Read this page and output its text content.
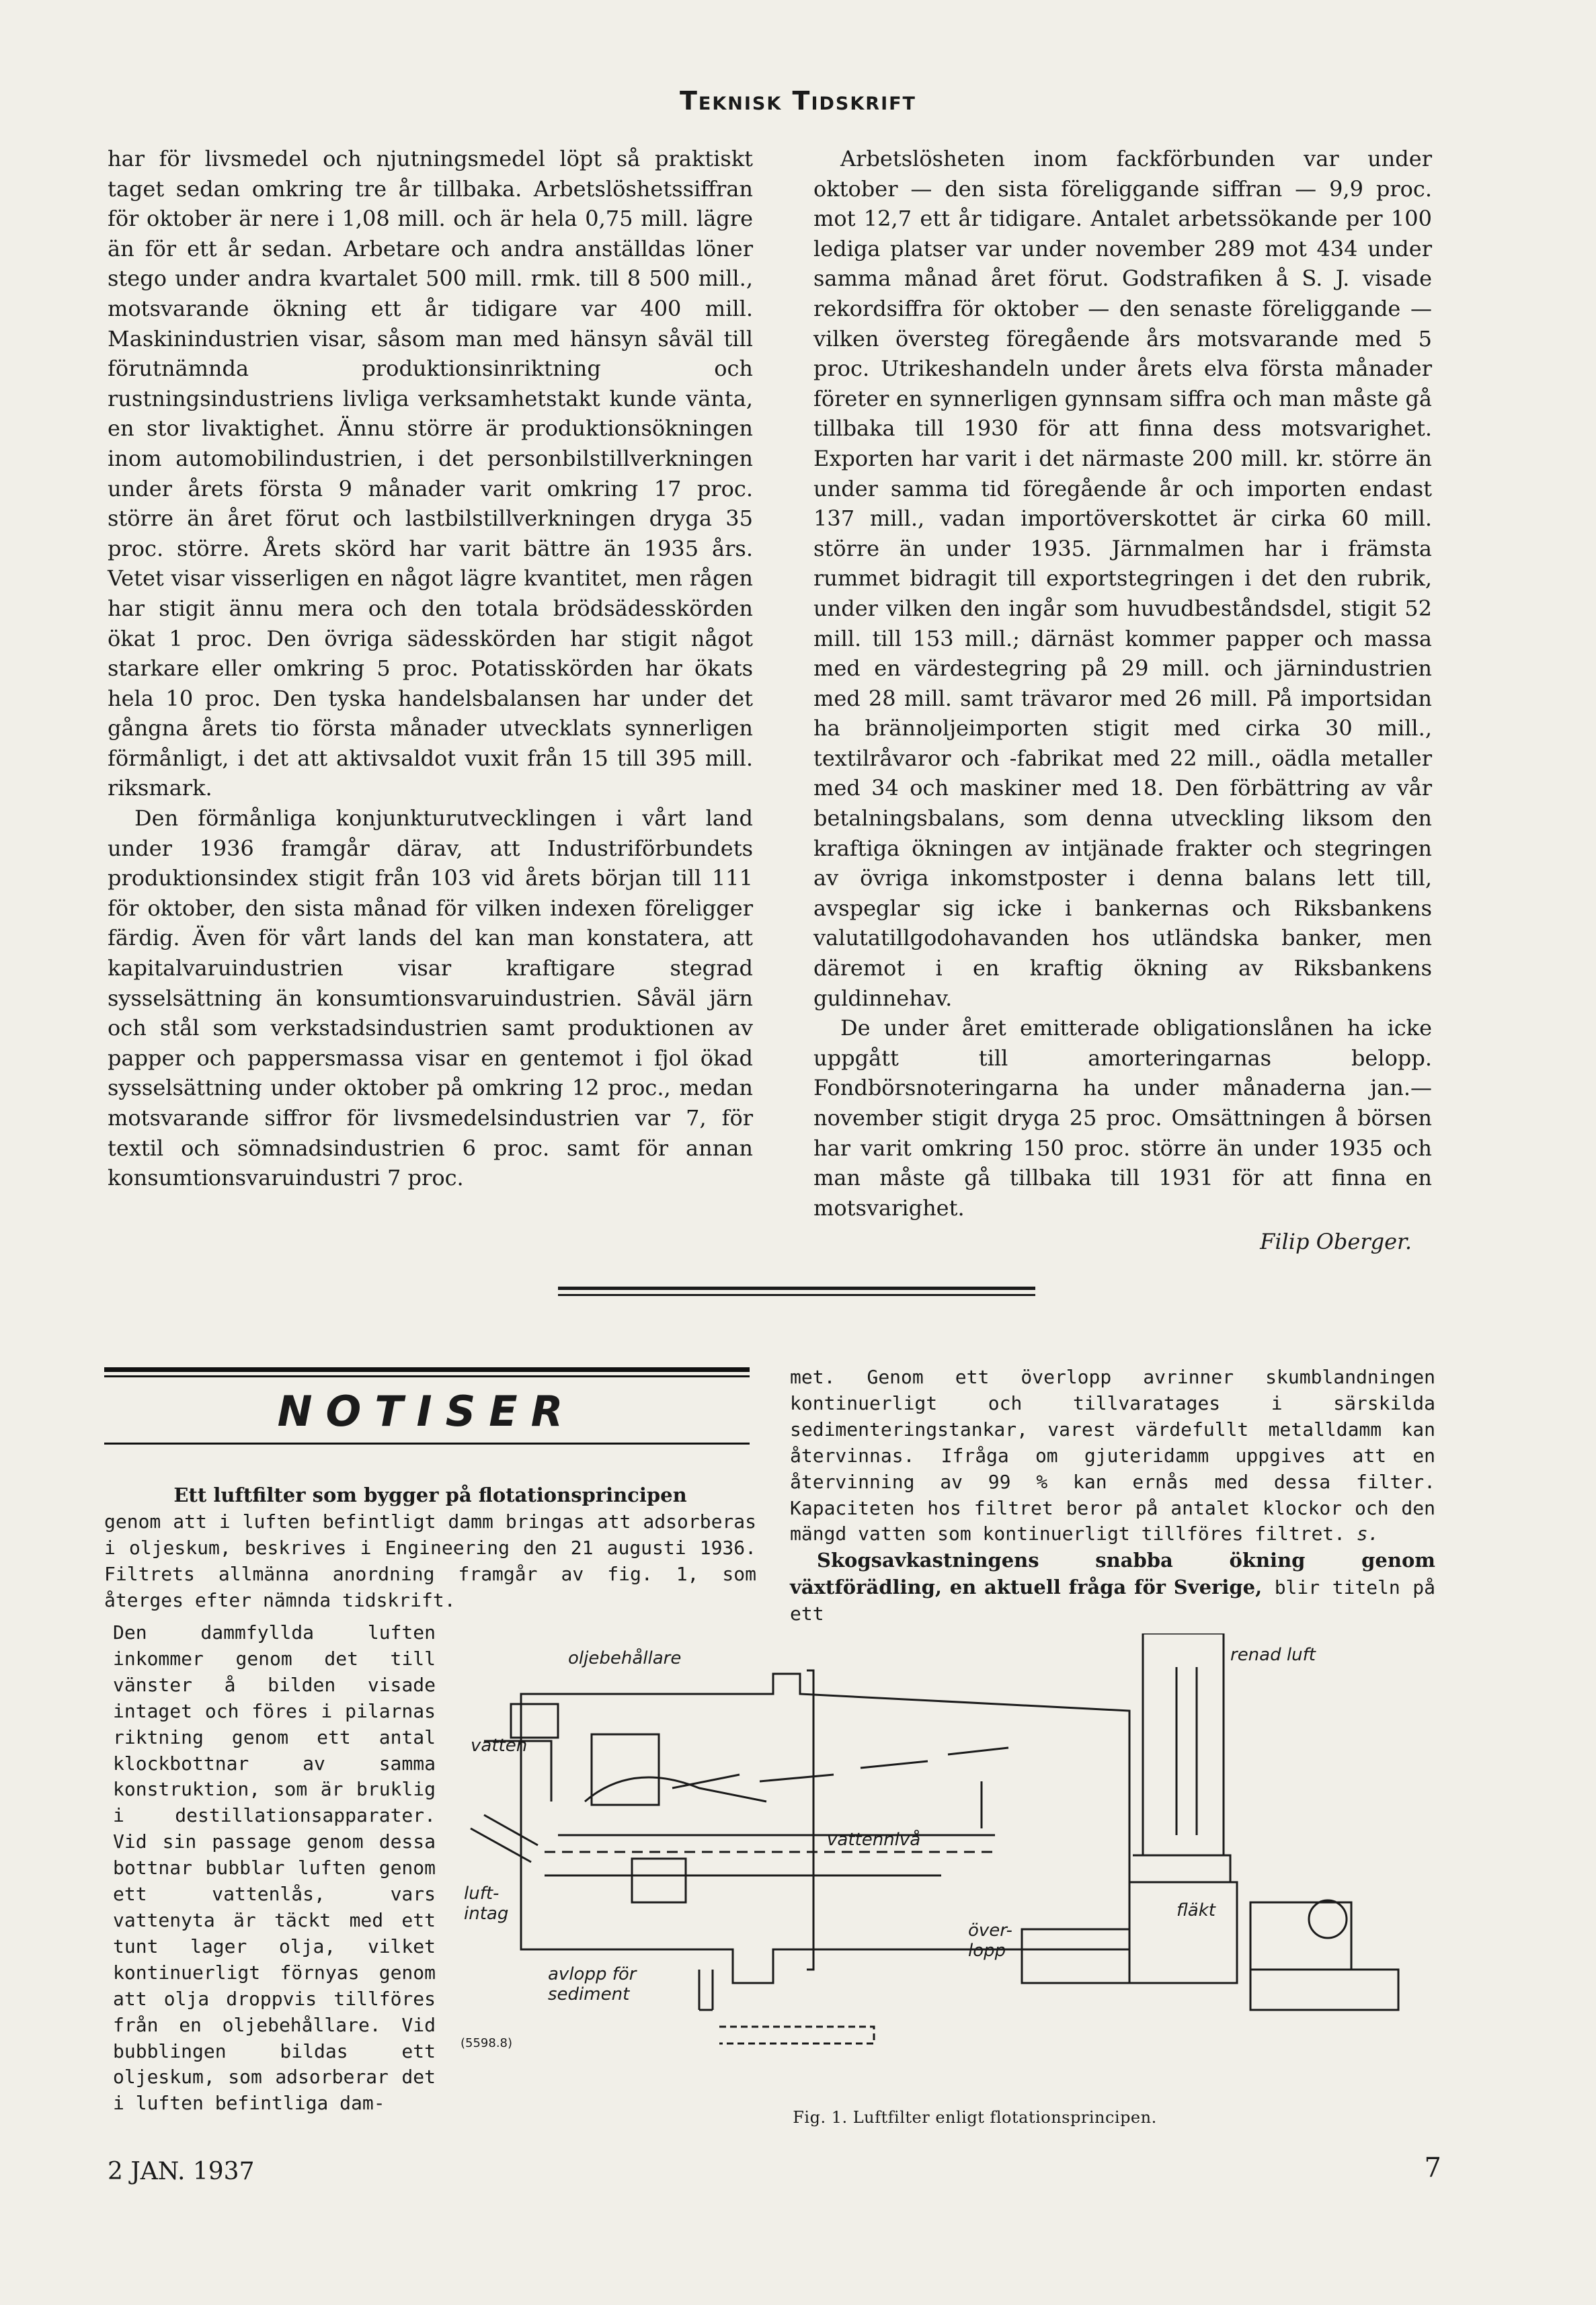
Teknisk Tidskrift

har för livsmedel och njutningsmedel löpt så praktiskt taget sedan omkring tre år tillbaka. Arbetslöshetssiffran för oktober är nere i 1,08 mill. och är hela 0,75 mill. lägre än för ett år sedan. Arbetare och andra anställdas löner stego under andra kvartalet 500 mill. rmk. till 8 500 mill., motsvarande ökning ett år tidigare var 400 mill. Maskinindustrien visar, såsom man med hänsyn såväl till förutnämnda produktionsinriktning och rustningsindustriens livliga verksamhetstakt kunde vänta, en stor livaktighet. Ännu större är produktionsökningen inom automobilindustrien, i det personbilstillverkningen under årets första 9 månader varit omkring 17 proc. större än året förut och lastbilstillverkningen dryga 35 proc. större. Årets skörd har varit bättre än 1935 års. Vetet visar visserligen en något lägre kvantitet, men rågen har stigit ännu mera och den totala brödsädesskörden ökat 1 proc. Den övriga sädesskörden har stigit något starkare eller omkring 5 proc. Potatisskörden har ökats hela 10 proc. Den tyska handelsbalansen har under det gångna årets tio första månader utvecklats synnerligen förmånligt, i det att aktivsaldot vuxit från 15 till 395 mill. riksmark.

Den förmånliga konjunkturutvecklingen i vårt land under 1936 framgår därav, att Industriförbundets produktionsindex stigit från 103 vid årets början till 111 för oktober, den sista månad för vilken indexen föreligger färdig. Även för vårt lands del kan man konstatera, att kapitalvaruindustrien visar kraftigare stegrad sysselsättning än konsumtionsvaruindustrien. Såväl järn och stål som verkstadsindustrien samt produktionen av papper och pappersmassa visar en gentemot i fjol ökad sysselsättning under oktober på omkring 12 proc., medan motsvarande siffror för livsmedelsindustrien var 7, för textil och sömnadsindustrien 6 proc. samt för annan konsumtionsvaruindustri 7 proc.

Arbetslösheten inom fackförbunden var under oktober — den sista föreliggande siffran — 9,9 proc. mot 12,7 ett år tidigare. Antalet arbetssökande per 100 lediga platser var under november 289 mot 434 under samma månad året förut. Godstrafiken å S. J. visade rekordsiffra för oktober — den senaste föreliggande — vilken översteg föregående års motsvarande med 5 proc. Utrikeshandeln under årets elva första månader företer en synnerligen gynnsam siffra och man måste gå tillbaka till 1930 för att finna dess motsvarighet. Exporten har varit i det närmaste 200 mill. kr. större än under samma tid föregående år och importen endast 137 mill., vadan importöverskottet är cirka 60 mill. större än under 1935. Järnmalmen har i främsta rummet bidragit till exportstegringen i det den rubrik, under vilken den ingår som huvudbeståndsdel, stigit 52 mill. till 153 mill.; därnäst kommer papper och massa med en värdestegring på 29 mill. och järnindustrien med 28 mill. samt trävaror med 26 mill. På importsidan ha brännoljeimporten stigit med cirka 30 mill., textilråvaror och -fabrikat med 22 mill., oädla metaller med 34 och maskiner med 18. Den förbättring av vår betalningsbalans, som denna utveckling liksom den kraftiga ökningen av intjänade frakter och stegringen av övriga inkomstposter i denna balans lett till, avspeglar sig icke i bankernas och Riksbankens valutatillgodohavanden hos utländska banker, men däremot i en kraftig ökning av Riksbankens guldinnehav.

De under året emitterade obligationslånen ha icke uppgått till amorteringarnas belopp. Fondbörsnoteringarna ha under månaderna jan.—november stigit dryga 25 proc. Omsättningen å börsen har varit omkring 150 proc. större än under 1935 och man måste gå tillbaka till 1931 för att finna en motsvarighet.

Filip Oberger.
NOTISER

Ett luftfilter som bygger på flotationsprincipen

genom att i luften befintligt damm bringas att adsorberas i oljeskum, beskrives i Engineering den 21 augusti 1936. Filtrets allmänna anordning framgår av fig. 1, som återges efter nämnda tidskrift.

Den dammfyllda luften inkommer genom det till vänster å bilden visade intaget och föres i pilarnas riktning genom ett antal klockbottnar av samma konstruktion, som är bruklig i destillationsapparater. Vid sin passage genom dessa bottnar bubblar luften genom ett vattenlås, vars vattenyta är täckt med ett tunt lager olja, vilket kontinuerligt förnyas genom att olja droppvis tillföres från en oljebehållare. Vid bubblingen bildas ett oljeskum, som adsorberar det i luften befintliga dam-

met. Genom ett överlopp avrinner skumblandningen kontinuerligt och tillvaratages i särskilda sedimenteringstankar, varest värdefullt metalldamm kan återvinnas. Ifråga om gjuteridamm uppgives att en återvinning av 99 % kan ernås med dessa filter. Kapaciteten hos filtret beror på antalet klockor och den mängd vatten som kontinuerligt tillföres filtret. s.

Skogsavkastningens snabba ökning genom växtförädling, en aktuell fråga för Sverige, blir titeln på ett

oljebehållare
vatten
renad luft
vattennivå
luft-
intag
över-
lopp
fläkt
avlopp för
sediment
(5598.8)
Fig. 1. Luftfilter enligt flotationsprincipen.
2 JAN. 1937	7
